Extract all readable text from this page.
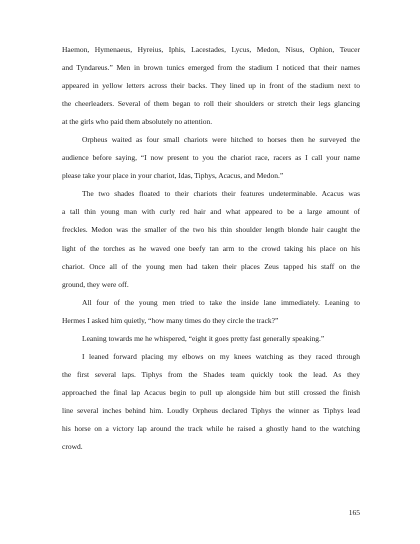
Haemon, Hymenaeus, Hyreius, Iphis, Lacestades, Lycus, Medon, Nisus, Ophion, Teucer
and Tyndareus.” Men in brown tunics emerged from the stadium I noticed that their names
appeared in yellow letters across their backs. They lined up in front of the stadium next to
the cheerleaders. Several of them began to roll their shoulders or stretch their legs glancing
at the girls who paid them absolutely no attention.
Orpheus waited as four small chariots were hitched to horses then he surveyed the
audience before saying, “I now present to you the chariot race, racers as I call your name
please take your place in your chariot, Idas, Tiphys, Acacus, and Medon.”
The two shades floated to their chariots their features undeterminable. Acacus was
a tall thin young man with curly red hair and what appeared to be a large amount of
freckles. Medon was the smaller of the two his thin shoulder length blonde hair caught the
light of the torches as he waved one beefy tan arm to the crowd taking his place on his
chariot. Once all of the young men had taken their places Zeus tapped his staff on the
ground, they were off.
All four of the young men tried to take the inside lane immediately. Leaning to
Hermes I asked him quietly, “how many times do they circle the track?”
Leaning towards me he whispered, “eight it goes pretty fast generally speaking.”
I leaned forward placing my elbows on my knees watching as they raced through
the first several laps. Tiphys from the Shades team quickly took the lead. As they
approached the final lap Acacus begin to pull up alongside him but still crossed the finish
line several inches behind him. Loudly Orpheus declared Tiphys the winner as Tiphys lead
his horse on a victory lap around the track while he raised a ghostly hand to the watching
crowd.
165
